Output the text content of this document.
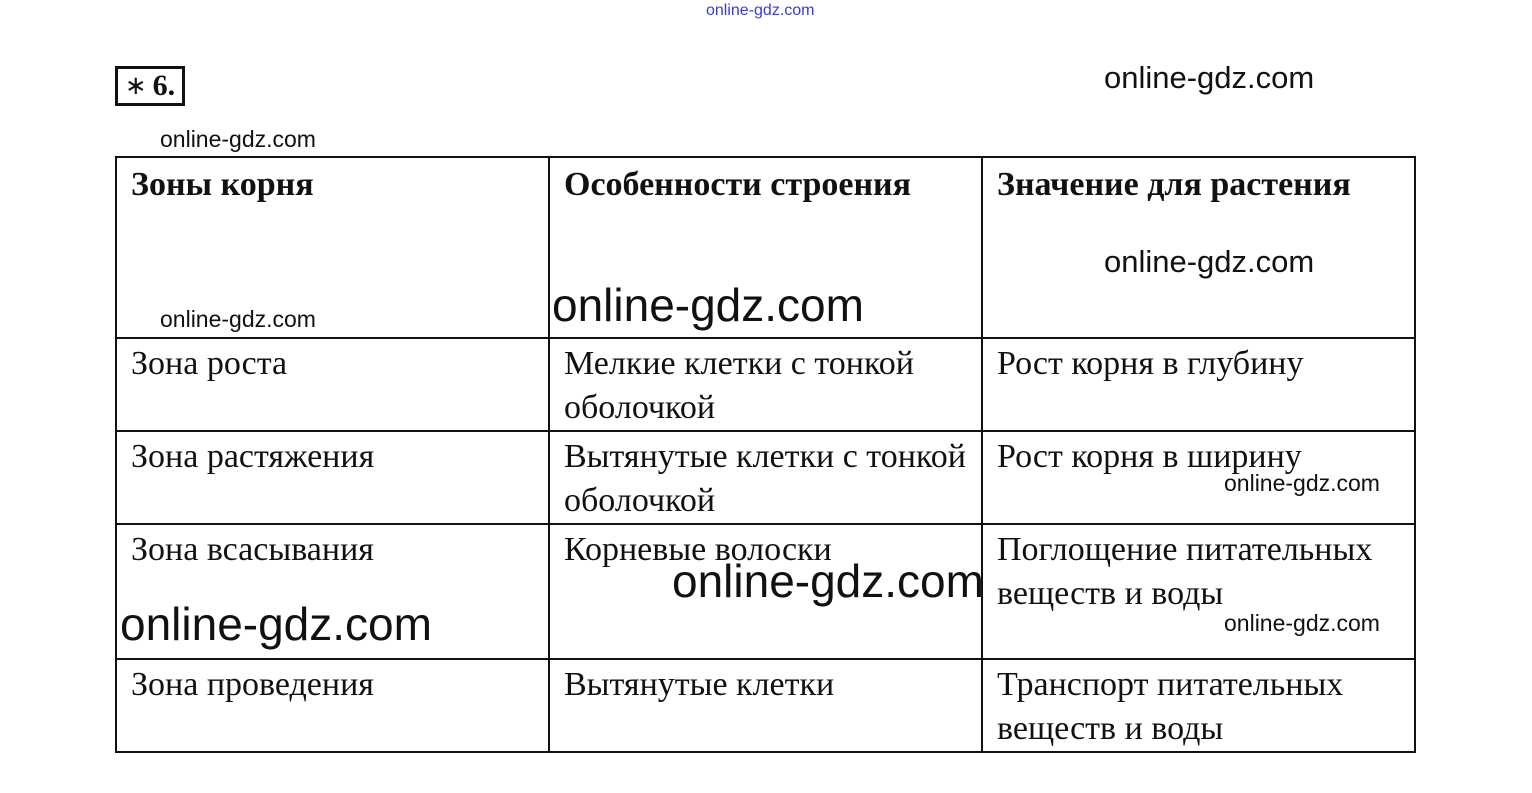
online-gdz.com
online-gdz.com
∗ 6.
online-gdz.com
Зоны корня	Особенности строения	Значение для растения
Зона роста	Мелкие клетки с тонкой оболочкой	Рост корня в глубину
Зона растяжения	Вытянутые клетки с тонкой оболочкой	Рост корня в ширину
Зона всасывания	Корневые волоски	Поглощение питательных веществ и воды
Зона проведения	Вытянутые клетки	Транспорт питательных веществ и воды
online-gdz.com
online-gdz.com	online-gdz.com
online-gdz.com
online-gdz.com
online-gdz.com	online-gdz.com
